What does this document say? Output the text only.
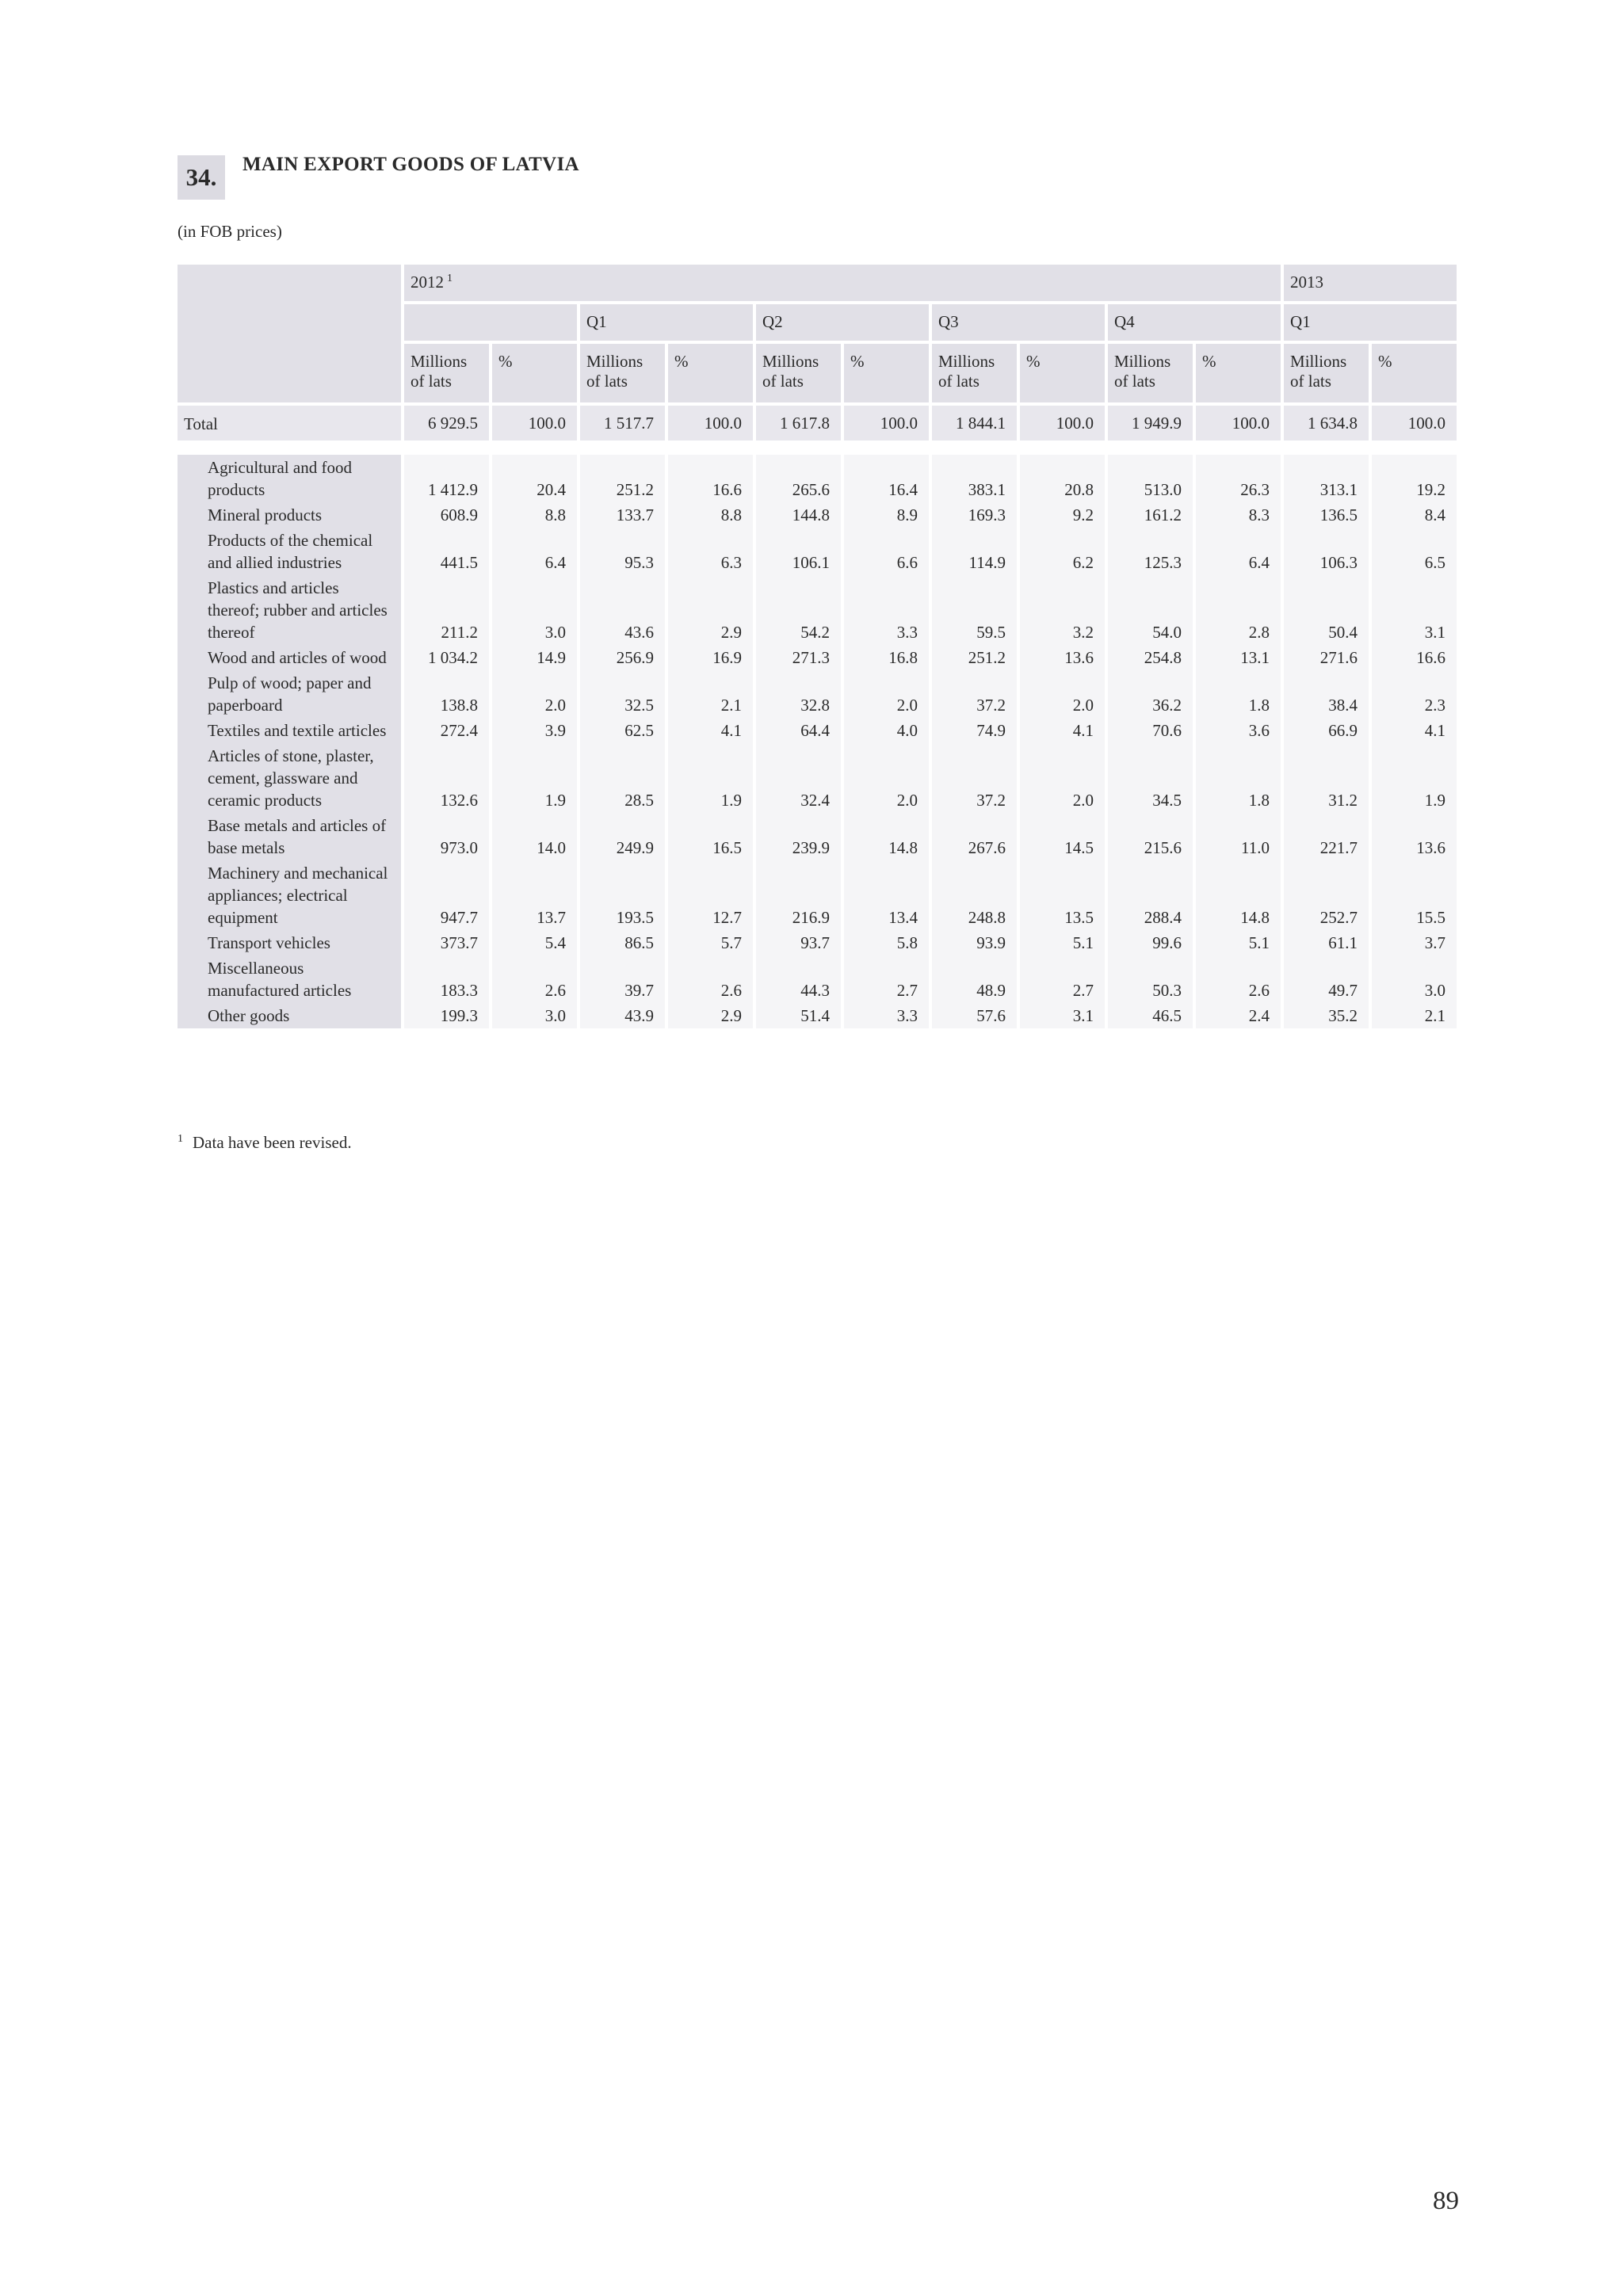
34.	MAIN EXPORT GOODS OF LATVIA
(in FOB prices)
	2012 $^1$										2013	
			Q1		Q2		Q3		Q4		Q1	
	Millions of lats	%	Millions of lats	%	Millions of lats	%	Millions of lats	%	Millions of lats	%	Millions of lats	%
Total	6 929.5	100.0	1 517.7	100.0	1 617.8	100.0	1 844.1	100.0	1 949.9	100.0	1 634.8	100.0

Agricultural and food products	1 412.9	20.4	251.2	16.6	265.6	16.4	383.1	20.8	513.0	26.3	313.1	19.2
Mineral products	608.9	8.8	133.7	8.8	144.8	8.9	169.3	9.2	161.2	8.3	136.5	8.4
Products of the chemical and allied industries	441.5	6.4	95.3	6.3	106.1	6.6	114.9	6.2	125.3	6.4	106.3	6.5
Plastics and articles thereof; rubber and articles thereof	211.2	3.0	43.6	2.9	54.2	3.3	59.5	3.2	54.0	2.8	50.4	3.1
Wood and articles of wood	1 034.2	14.9	256.9	16.9	271.3	16.8	251.2	13.6	254.8	13.1	271.6	16.6
Pulp of wood; paper and paperboard	138.8	2.0	32.5	2.1	32.8	2.0	37.2	2.0	36.2	1.8	38.4	2.3
Textiles and textile articles	272.4	3.9	62.5	4.1	64.4	4.0	74.9	4.1	70.6	3.6	66.9	4.1
Articles of stone, plaster, cement, glassware and ceramic products	132.6	1.9	28.5	1.9	32.4	2.0	37.2	2.0	34.5	1.8	31.2	1.9
Base metals and articles of base metals	973.0	14.0	249.9	16.5	239.9	14.8	267.6	14.5	215.6	11.0	221.7	13.6
Machinery and mechanical appliances; electrical equipment	947.7	13.7	193.5	12.7	216.9	13.4	248.8	13.5	288.4	14.8	252.7	15.5
Transport vehicles	373.7	5.4	86.5	5.7	93.7	5.8	93.9	5.1	99.6	5.1	61.1	3.7
Miscellaneous manufactured articles	183.3	2.6	39.7	2.6	44.3	2.7	48.9	2.7	50.3	2.6	49.7	3.0
Other goods	199.3	3.0	43.9	2.9	51.4	3.3	57.6	3.1	46.5	2.4	35.2	2.1
$^1$ Data have been revised.
89
